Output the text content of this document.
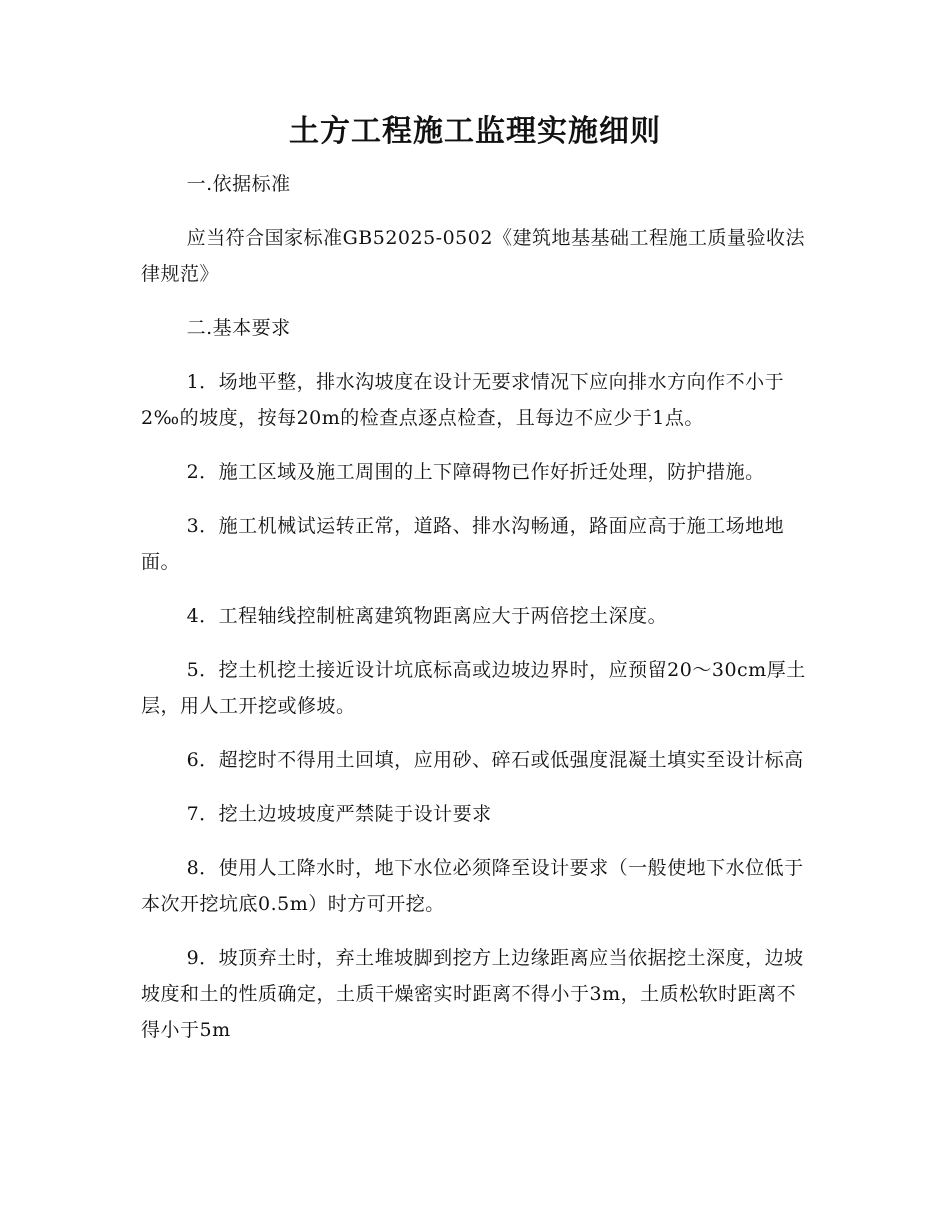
土方工程施工监理实施细则

一.依据标准

应当符合国家标准GB52025-0502《建筑地基基础工程施工质量验收法律规范》

二.基本要求

1．场地平整，排水沟坡度在设计无要求情况下应向排水方向作不小于2‰的坡度，按每20m的检查点逐点检查，且每边不应少于1点。

2．施工区域及施工周围的上下障碍物已作好折迁处理，防护措施。

3．施工机械试运转正常，道路、排水沟畅通，路面应高于施工场地地面。

4．工程轴线控制桩离建筑物距离应大于两倍挖土深度。

5．挖土机挖土接近设计坑底标高或边坡边界时，应预留20～30cm厚土层，用人工开挖或修坡。

6．超挖时不得用土回填，应用砂、碎石或低强度混凝土填实至设计标高

7．挖土边坡坡度严禁陡于设计要求

8．使用人工降水时，地下水位必须降至设计要求（一般使地下水位低于本次开挖坑底0.5m）时方可开挖。

9．坡顶弃土时，弃土堆坡脚到挖方上边缘距离应当依据挖土深度，边坡坡度和土的性质确定，土质干燥密实时距离不得小于3m，土质松软时距离不得小于5m
